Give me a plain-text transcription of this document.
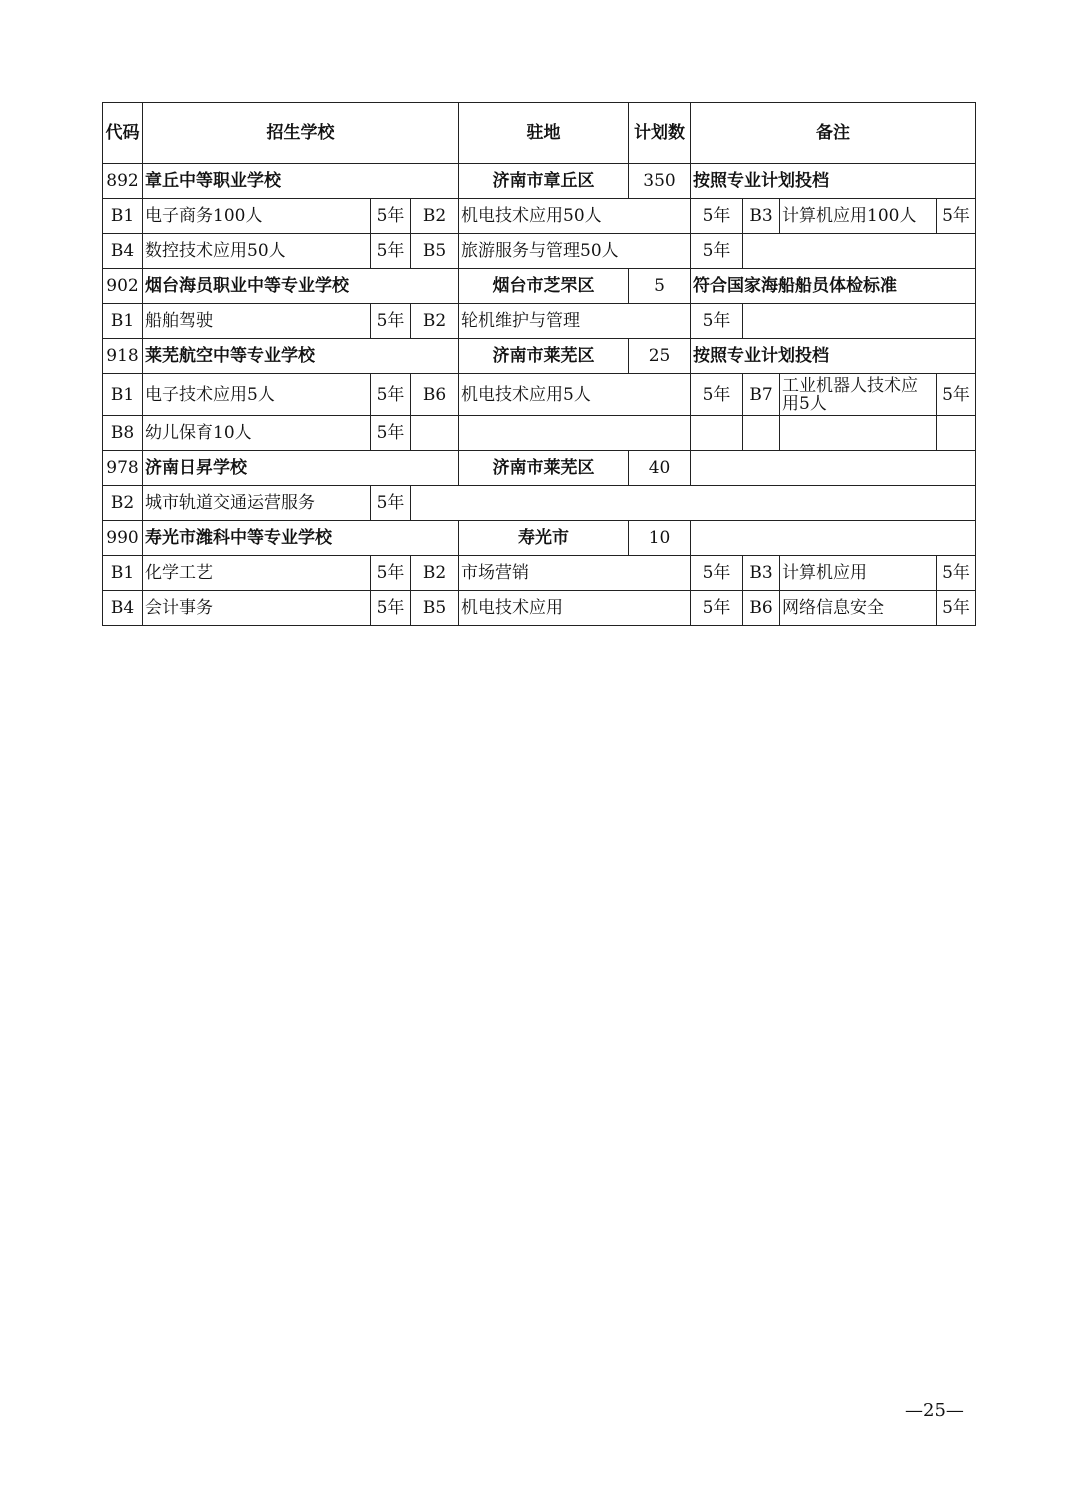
代码	招生学校			驻地	计划数	备注			
892	章丘中等职业学校			济南市章丘区	350	按照专业计划投档			
B1	电子商务100人	5年	B2	机电技术应用50人		5年	B3	计算机应用100人	5年
B4	数控技术应用50人	5年	B5	旅游服务与管理50人		5年			
902	烟台海员职业中等专业学校			烟台市芝罘区	5	符合国家海船船员体检标准			
B1	船舶驾驶	5年	B2	轮机维护与管理		5年			
918	莱芜航空中等专业学校			济南市莱芜区	25	按照专业计划投档			
B1	电子技术应用5人	5年	B6	机电技术应用5人		5年	B7	工业机器人技术应用5人	5年
B8	幼儿保育10人	5年							
978	济南日昇学校			济南市莱芜区	40				
B2	城市轨道交通运营服务	5年							
990	寿光市潍科中等专业学校			寿光市	10				
B1	化学工艺	5年	B2	市场营销		5年	B3	计算机应用	5年
B4	会计事务	5年	B5	机电技术应用		5年	B6	网络信息安全	5年
—25—
